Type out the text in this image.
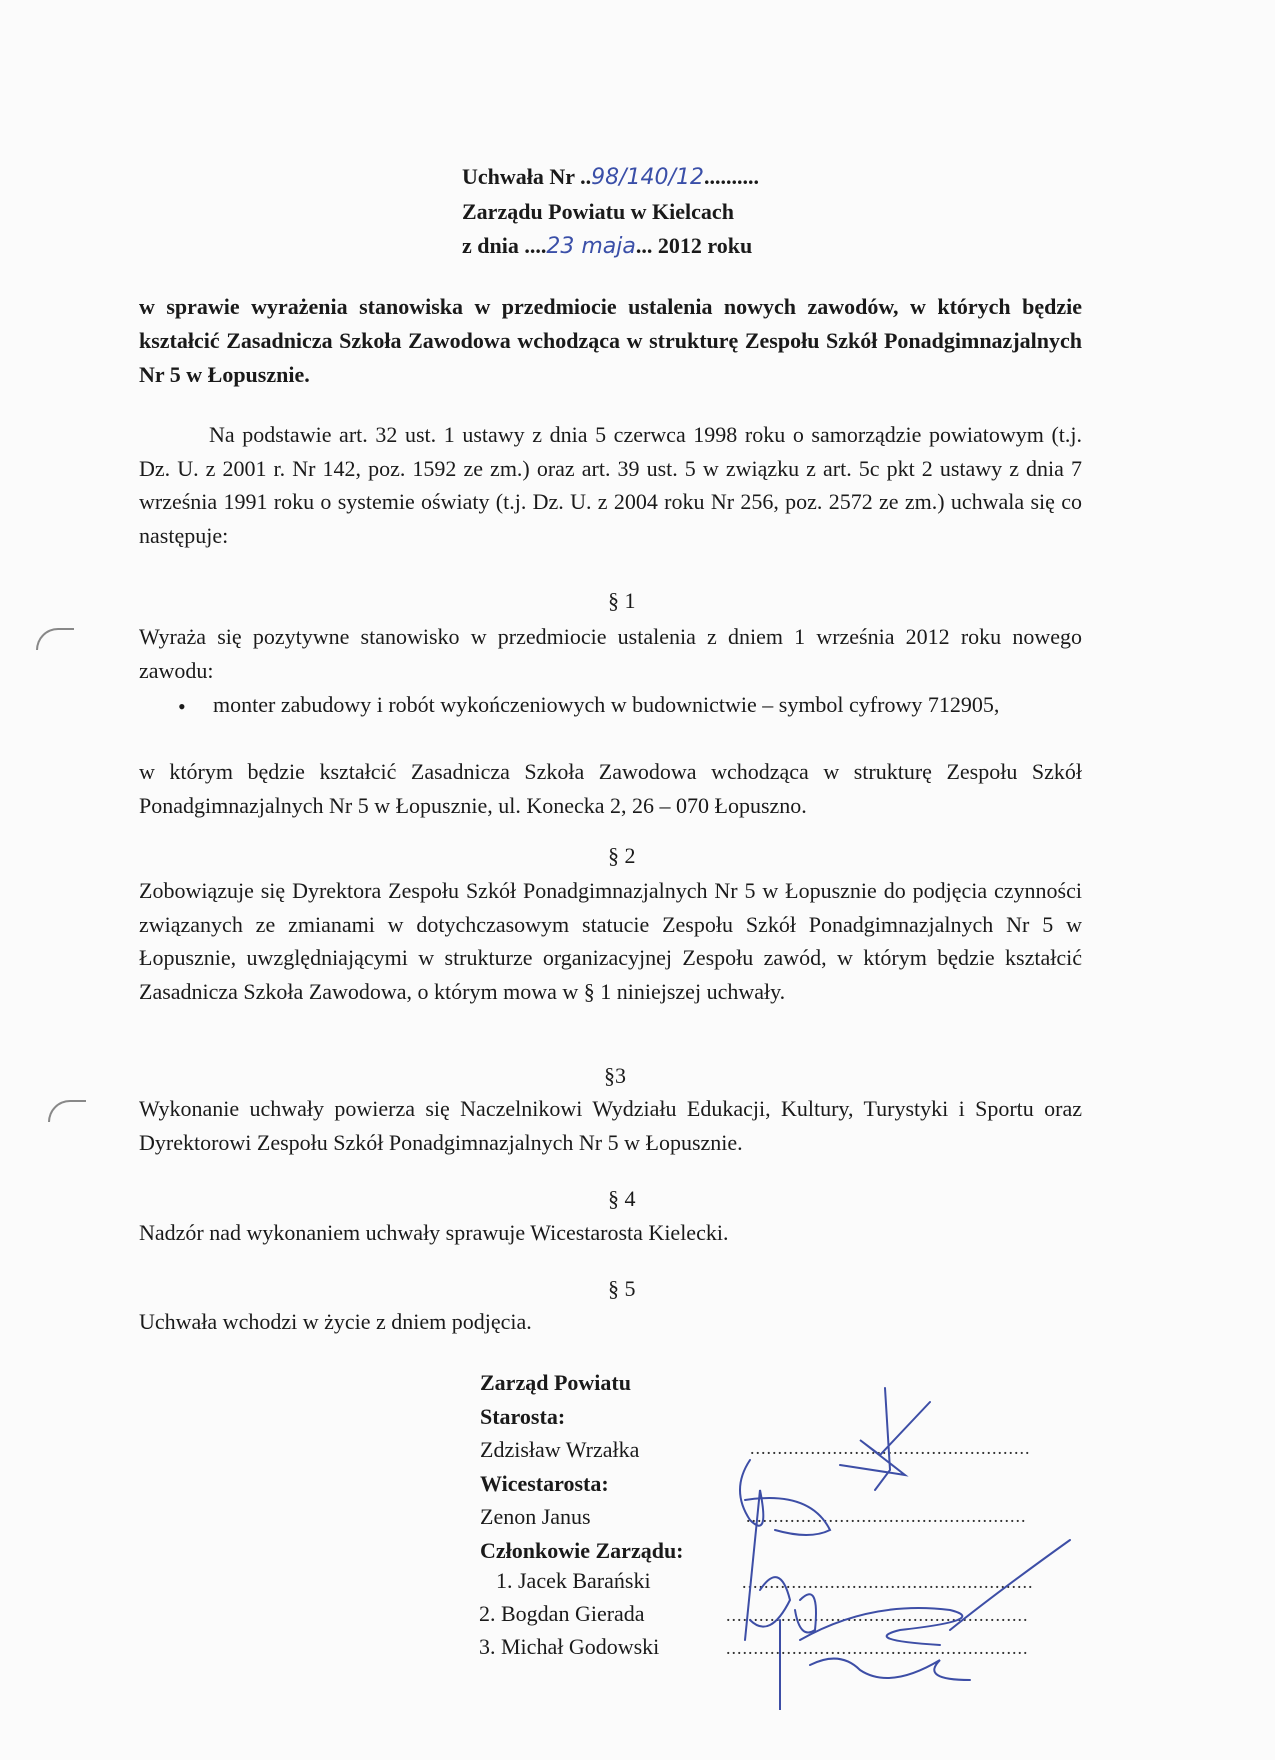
Uchwała Nr ..98/140/12..........
Zarządu Powiatu w Kielcach
z dnia ....23 maja... 2012 roku
w sprawie wyrażenia stanowiska w przedmiocie ustalenia nowych zawodów, w których będzie kształcić Zasadnicza Szkoła Zawodowa wchodząca w strukturę Zespołu Szkół Ponadgimnazjalnych Nr 5 w Łopusznie.
Na podstawie art. 32 ust. 1 ustawy z dnia 5 czerwca 1998 roku o samorządzie powiatowym (t.j. Dz. U. z 2001 r. Nr 142, poz. 1592 ze zm.) oraz art. 39 ust. 5 w związku z art. 5c pkt 2 ustawy z dnia 7 września 1991 roku o systemie oświaty (t.j. Dz. U. z 2004 roku Nr 256, poz. 2572 ze zm.) uchwala się co następuje:
§ 1
Wyraża się pozytywne stanowisko w przedmiocie ustalenia z dniem 1 września 2012 roku nowego zawodu:
• monter zabudowy i robót wykończeniowych w budownictwie – symbol cyfrowy 712905,
w którym będzie kształcić Zasadnicza Szkoła Zawodowa wchodząca w strukturę Zespołu Szkół Ponadgimnazjalnych Nr 5 w Łopusznie, ul. Konecka 2, 26 – 070 Łopuszno.
§ 2
Zobowiązuje się Dyrektora Zespołu Szkół Ponadgimnazjalnych Nr 5 w Łopusznie do podjęcia czynności związanych ze zmianami w dotychczasowym statucie Zespołu Szkół Ponadgimnazjalnych Nr 5 w Łopusznie, uwzględniającymi w strukturze organizacyjnej Zespołu zawód, w którym będzie kształcić Zasadnicza Szkoła Zawodowa, o którym mowa w § 1 niniejszej uchwały.
§3
Wykonanie uchwały powierza się Naczelnikowi Wydziału Edukacji, Kultury, Turystyki i Sportu oraz Dyrektorowi Zespołu Szkół Ponadgimnazjalnych Nr 5 w Łopusznie.
§ 4
Nadzór nad wykonaniem uchwały sprawuje Wicestarosta Kielecki.
§ 5
Uchwała wchodzi w życie z dniem podjęcia.
Zarząd Powiatu
Starosta:
Zdzisław Wrzałka
Wicestarosta:
Zenon Janus
Członkowie Zarządu:
1. Jacek Barański
2. Bogdan Gierada
3. Michał Godowski
...................................................
...................................................
.....................................................
.......................................................
.......................................................
